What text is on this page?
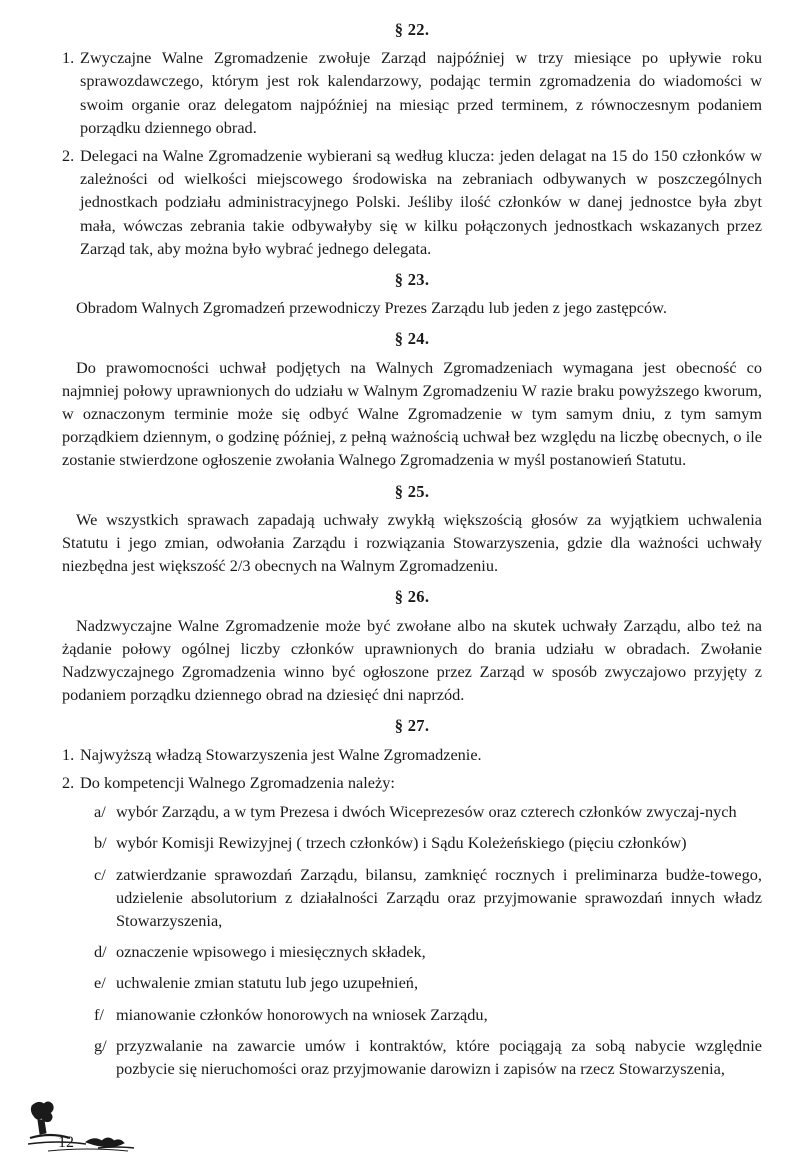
§ 22.
1. Zwyczajne Walne Zgromadzenie zwołuje Zarząd najpóźniej w trzy miesiące po upływie roku sprawozdawczego, którym jest rok kalendarzowy, podając termin zgromadzenia do wiadomości w swoim organie oraz delegatom najpóźniej na miesiąc przed terminem, z równoczesnym podaniem porządku dziennego obrad.
2. Delegaci na Walne Zgromadzenie wybierani są według klucza: jeden delagat na 15 do 150 członków w zależności od wielkości miejscowego środowiska na zebraniach odbywanych w poszczególnych jednostkach podziału administracyjnego Polski. Jeśliby ilość członków w danej jednostce była zbyt mała, wówczas zebrania takie odbywałyby się w kilku połączonych jednostkach wskazanych przez Zarząd tak, aby można było wybrać jednego delegata.
§ 23.

Obradom Walnych Zgromadzeń przewodniczy Prezes Zarządu lub jeden z jego zastępców.

§ 24.

Do prawomocności uchwał podjętych na Walnych Zgromadzeniach wymagana jest obecność co najmniej połowy uprawnionych do udziału w Walnym Zgromadzeniu W razie braku powyższego kworum, w oznaczonym terminie może się odbyć Walne Zgromadzenie w tym samym dniu, z tym samym porządkiem dziennym, o godzinę później, z pełną ważnością uchwał bez względu na liczbę obecnych, o ile zostanie stwierdzone ogłoszenie zwołania Walnego Zgromadzenia w myśl postanowień Statutu.

§ 25.

We wszystkich sprawach zapadają uchwały zwykłą większością głosów za wyjątkiem uchwalenia Statutu i jego zmian, odwołania Zarządu i rozwiązania Stowarzyszenia, gdzie dla ważności uchwały niezbędna jest większość 2/3 obecnych na Walnym Zgromadzeniu.

§ 26.

Nadzwyczajne Walne Zgromadzenie może być zwołane albo na skutek uchwały Zarządu, albo też na żądanie połowy ogólnej liczby członków uprawnionych do brania udziału w obradach. Zwołanie Nadzwyczajnego Zgromadzenia winno być ogłoszone przez Zarząd w sposób zwyczajowo przyjęty z podaniem porządku dziennego obrad na dziesięć dni naprzód.

§ 27.
1. Najwyższą władzą Stowarzyszenia jest Walne Zgromadzenie.
2. Do kompetencji Walnego Zgromadzenia należy:
a/ wybór Zarządu, a w tym Prezesa i dwóch Wiceprezesów oraz czterech członków zwyczaj-nych
b/ wybór Komisji Rewizyjnej ( trzech członków) i Sądu Koleżeńskiego (pięciu członków)
c/ zatwierdzanie sprawozdań Zarządu, bilansu, zamknięć rocznych i preliminarza budże-towego, udzielenie absolutorium z działalności Zarządu oraz przyjmowanie sprawozdań innych władz Stowarzyszenia,
d/ oznaczenie wpisowego i miesięcznych składek,
e/ uchwalenie zmian statutu lub jego uzupełnień,
f/ mianowanie członków honorowych na wniosek Zarządu,
g/ przyzwalanie na zawarcie umów i kontraktów, które pociągają za sobą nabycie względnie pozbycie się nieruchomości oraz przyjmowanie darowizn i zapisów na rzecz Stowarzyszenia,
12
